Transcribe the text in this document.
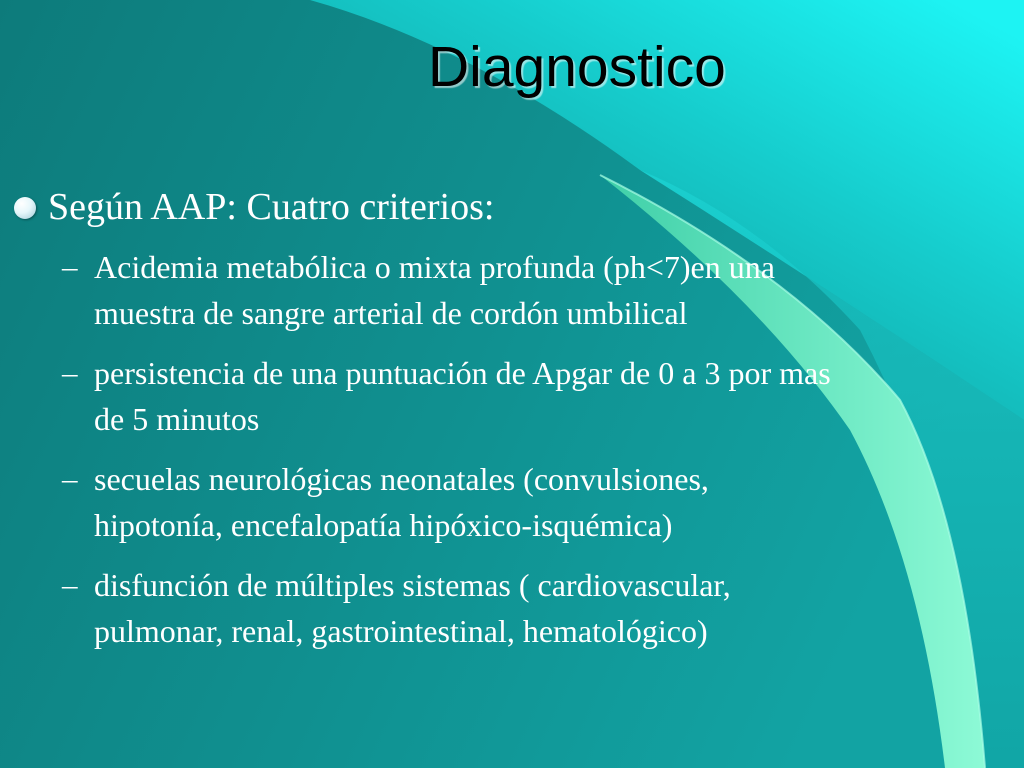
Diagnostico
Según AAP: Cuatro criterios:
– Acidemia metabólica o mixta profunda (ph<7)en una
muestra de sangre arterial de cordón umbilical
– persistencia de una puntuación de Apgar de 0 a 3 por mas
de 5 minutos
– secuelas neurológicas neonatales (convulsiones,
hipotonía, encefalopatía hipóxico-isquémica)
– disfunción de múltiples sistemas ( cardiovascular,
pulmonar, renal, gastrointestinal, hematológico)
